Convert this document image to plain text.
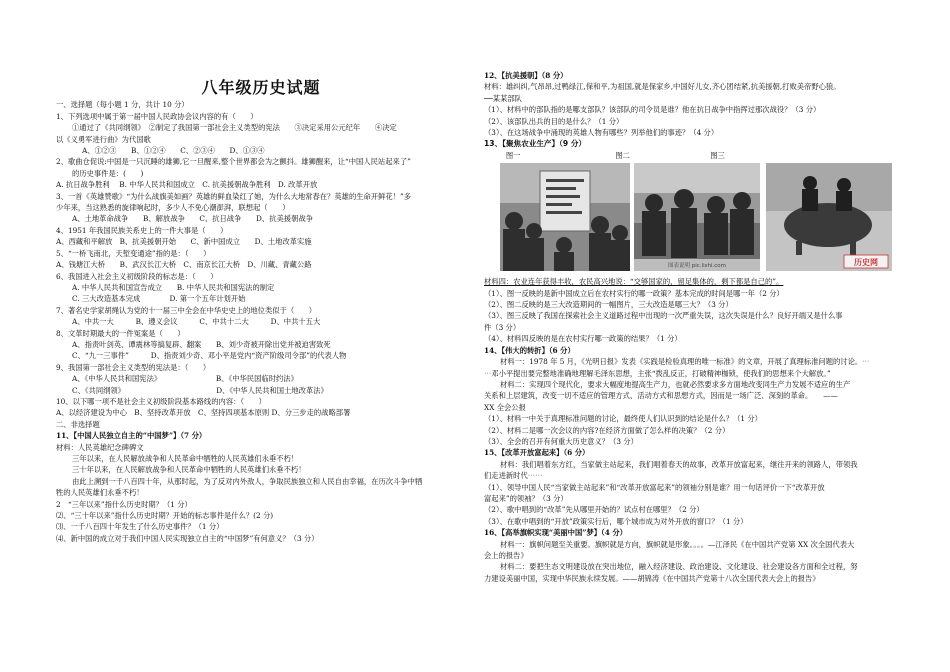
八年级历史试题
一、选择题（每小题 1 分，共计 10 分）
1、下列选项中属于第一届中国人民政协会议内容的有（　　）
①通过了《共同纲领》　②制定了我国第一部社会主义类型的宪法　　③决定采用公元纪年　　④决定
以《义勇军进行曲》为代国歌
A、①②③　　B、①②④　　C、②③④　　D、①③④
2、歌曲仓促说:中国是一只沉睡的雄狮,它一旦醒来,整个世界都会为之颤抖。雄狮醒来，让“中国人民站起来了”
的历史事件是：(　　)
A. 抗日战争胜利　 B. 中华人民共和国成立　C. 抗美援朝战争胜利　D. 改革开放
3、一首《英雄赞歌》“为什么战旗美如画？英雄的鲜血染红了她，为什么大地常春在？英雄的生命开鲜花！”多
少年来，当这熟悉的旋律响起时，多少人不免心潮澎湃，联想起（　　）
A、土地革命战争　　B、解放战争　　C、抗日战争　　D、抗美援朝战争
4、1951 年我国民族关系史上的一件大事是（　　）
A、西藏和平解放　B、抗美援朝开始　　C、新中国成立　　D、土地改革实施
5、“一桥飞南北，天堑变通途”指的是：（　　）
A、钱塘江大桥　　B、武汉长江大桥　C、南京长江大桥　D、川藏、青藏公路
6、我国进入社会主义初级阶段的标志是：（　　）
A. 中华人民共和国宣告成立　　B. 中华人民共和国宪法的制定
C. 三大改造基本完成　　　　D. 第一个五年计划开始
7、著名史学家胡绳认为党的十一届三中全会在中华史史上的地位类似于（　　）
A、中共一大　　　B、遵义会议　　　C、中共十二大　　　D、中共十五大
8、文革时期最大的一件冤案是（　　）
A、指责叶剑英、谭震林等搞复辟、翻案　　B、刘少奇被开除出党并被迫害致死
C、“九一三事件”　　　D、指责刘少奇、邓小平是党内“资产阶级司令部”的代表人物
9、我国第一部社会主义类型的宪法是：（　　）
A、《中华人民共和国宪法》　　　　　　　　B、《中华民国临时约法》
C、《共同纲领》　　　　　　　　　　　　　D、《中华人民共和国土地改革法》
10、以下哪一项不是社会主义初级阶段基本路线的内容：（　　）
A、以经济建设为中心　B、坚持改革开放　C、坚持四项基本原则 D、分三步走的战略部署
二、非选择题
11、【中国人民独立自主的“中国梦”】（7 分）
材料：人民英雄纪念碑碑文
三年以来，在人民解放战争和人民革命中牺牲的人民英雄们永垂不朽！
三十年以来，在人民解放战争和人民革命中牺牲的人民英雄们永垂不朽！
由此上溯到一千八百四十年，从那时起，为了反对内外敌人，争取民族独立和人民自由幸福，在历次斗争中牺
牲的人民英雄们永垂不朽！
2　“三年以来”指什么历史时期？（1 分）
⑵、“三十年以来”指什么历史时期？开始的标志事件是什么？(2 分)
⑶、一千八百四十年发生了什么历史事件？（1 分）
⑷、新中国的成立对于我们中国人民实现独立自主的“中国梦”有何意义？（3 分）
12、【抗美援朝】（8 分）
材料：雄纠纠,气昂昂,过鸭绿江,保和平,为祖国,就是保家乡,中国好儿女,齐心团结紧,抗美援朝,打败美帝野心狼。
──某某部队
（1）、材料中的部队指的是哪支部队？该部队的司令员是谁？他在抗日战争中指挥过那次战役？（3 分）
（2）、该部队出兵的目的是什么？（1 分）
（3）、在这场战争中涌现的英雄人物有哪些？列举他们的事迹？（4 分）
13、【聚焦农业生产】（9 分）
　　　图一　　　　　　　　　　　　　图二　　　　　　　　　　　图三
图表说明 pic.lishi.com	历史网
材料四：农业连年获得丰收，农民高兴地说：“交够国家的，留足集体的，剩下都是自己的”。
（1）、图一反映的是新中国成立后在农村实行的哪一政策？基本完成的时间是哪一年（2 分）
（2）、图二反映的是三大改造期间的一幅图片，三大改造是哪三大？（3 分）
（3）、图三反映了我国在探索社会主义道路过程中出现的一次严重失误，这次失误是什么？良好开端又是什么事
件（3 分）
（4）、材料四反映的是在农村实行哪一政策的结果？（1 分）
14、【伟大的转折】（6 分）
材料一：1978 年 5 月，《光明日报》发表《实践是检验真理的唯一标准》的文章，开展了真理标准问题的讨论。⋯
⋯邓小平提出要完整地准确地理解毛泽东思想，主张“拨乱反正，打破精神枷锁，使我们的思想来个大解放。”
材料二：实现四个现代化，要求大幅度地提高生产力，也就必然要求多方面地改变同生产力发展不适应的生产
关系和上层建筑，改变一切不适应的管理方式、活动方式和思想方式，因而是一场广泛、深刻的革命。　　——
XX 全会公报
（1）、材料一中关于真理标准问题的讨论，最终使人们认识到的结论是什么？（1 分）
（2）、材料二是哪一次会议的内容?在经济方面做了怎么样的决策？（2 分）
（3）、全会的召开有何重大历史意义？（3 分）
15、【改革开放富起来】（6 分）
材料：我们唱着东方红，当家做主站起来，我们唱着春天的故事，改革开放富起来，继往开来的领路人，带领我
们走进新时代⋯⋯
（1）、领导中国人民“当家做主站起来”和“改革开放富起来”的领袖分别是谁？用一句话评价一下“改革开放
富起来”的领袖？（3 分）
（2）、歌中唱到的“改革”先从哪里开始的？试点村在哪里？（2 分）
（3）、在歌中唱到的“开放”政策实行后，哪个城市成为对外开放的窗口？（1 分）
16、【高举旗帜实现“美丽中国”梦】（4 分）
材料一：旗帜问题至关重要。旗帜就是方向，旗帜就是形象。。。。—江泽民《在中国共产党第 XX 次全国代表大
会上的报告》
材料二：要把生态文明建设放在突出地位，融入经济建设、政治建设、文化建设、社会建设各方面和全过程，努
力建设美丽中国，实现中华民族永续发展。——胡锦涛《在中国共产党第十八次全国代表大会上的报告》
